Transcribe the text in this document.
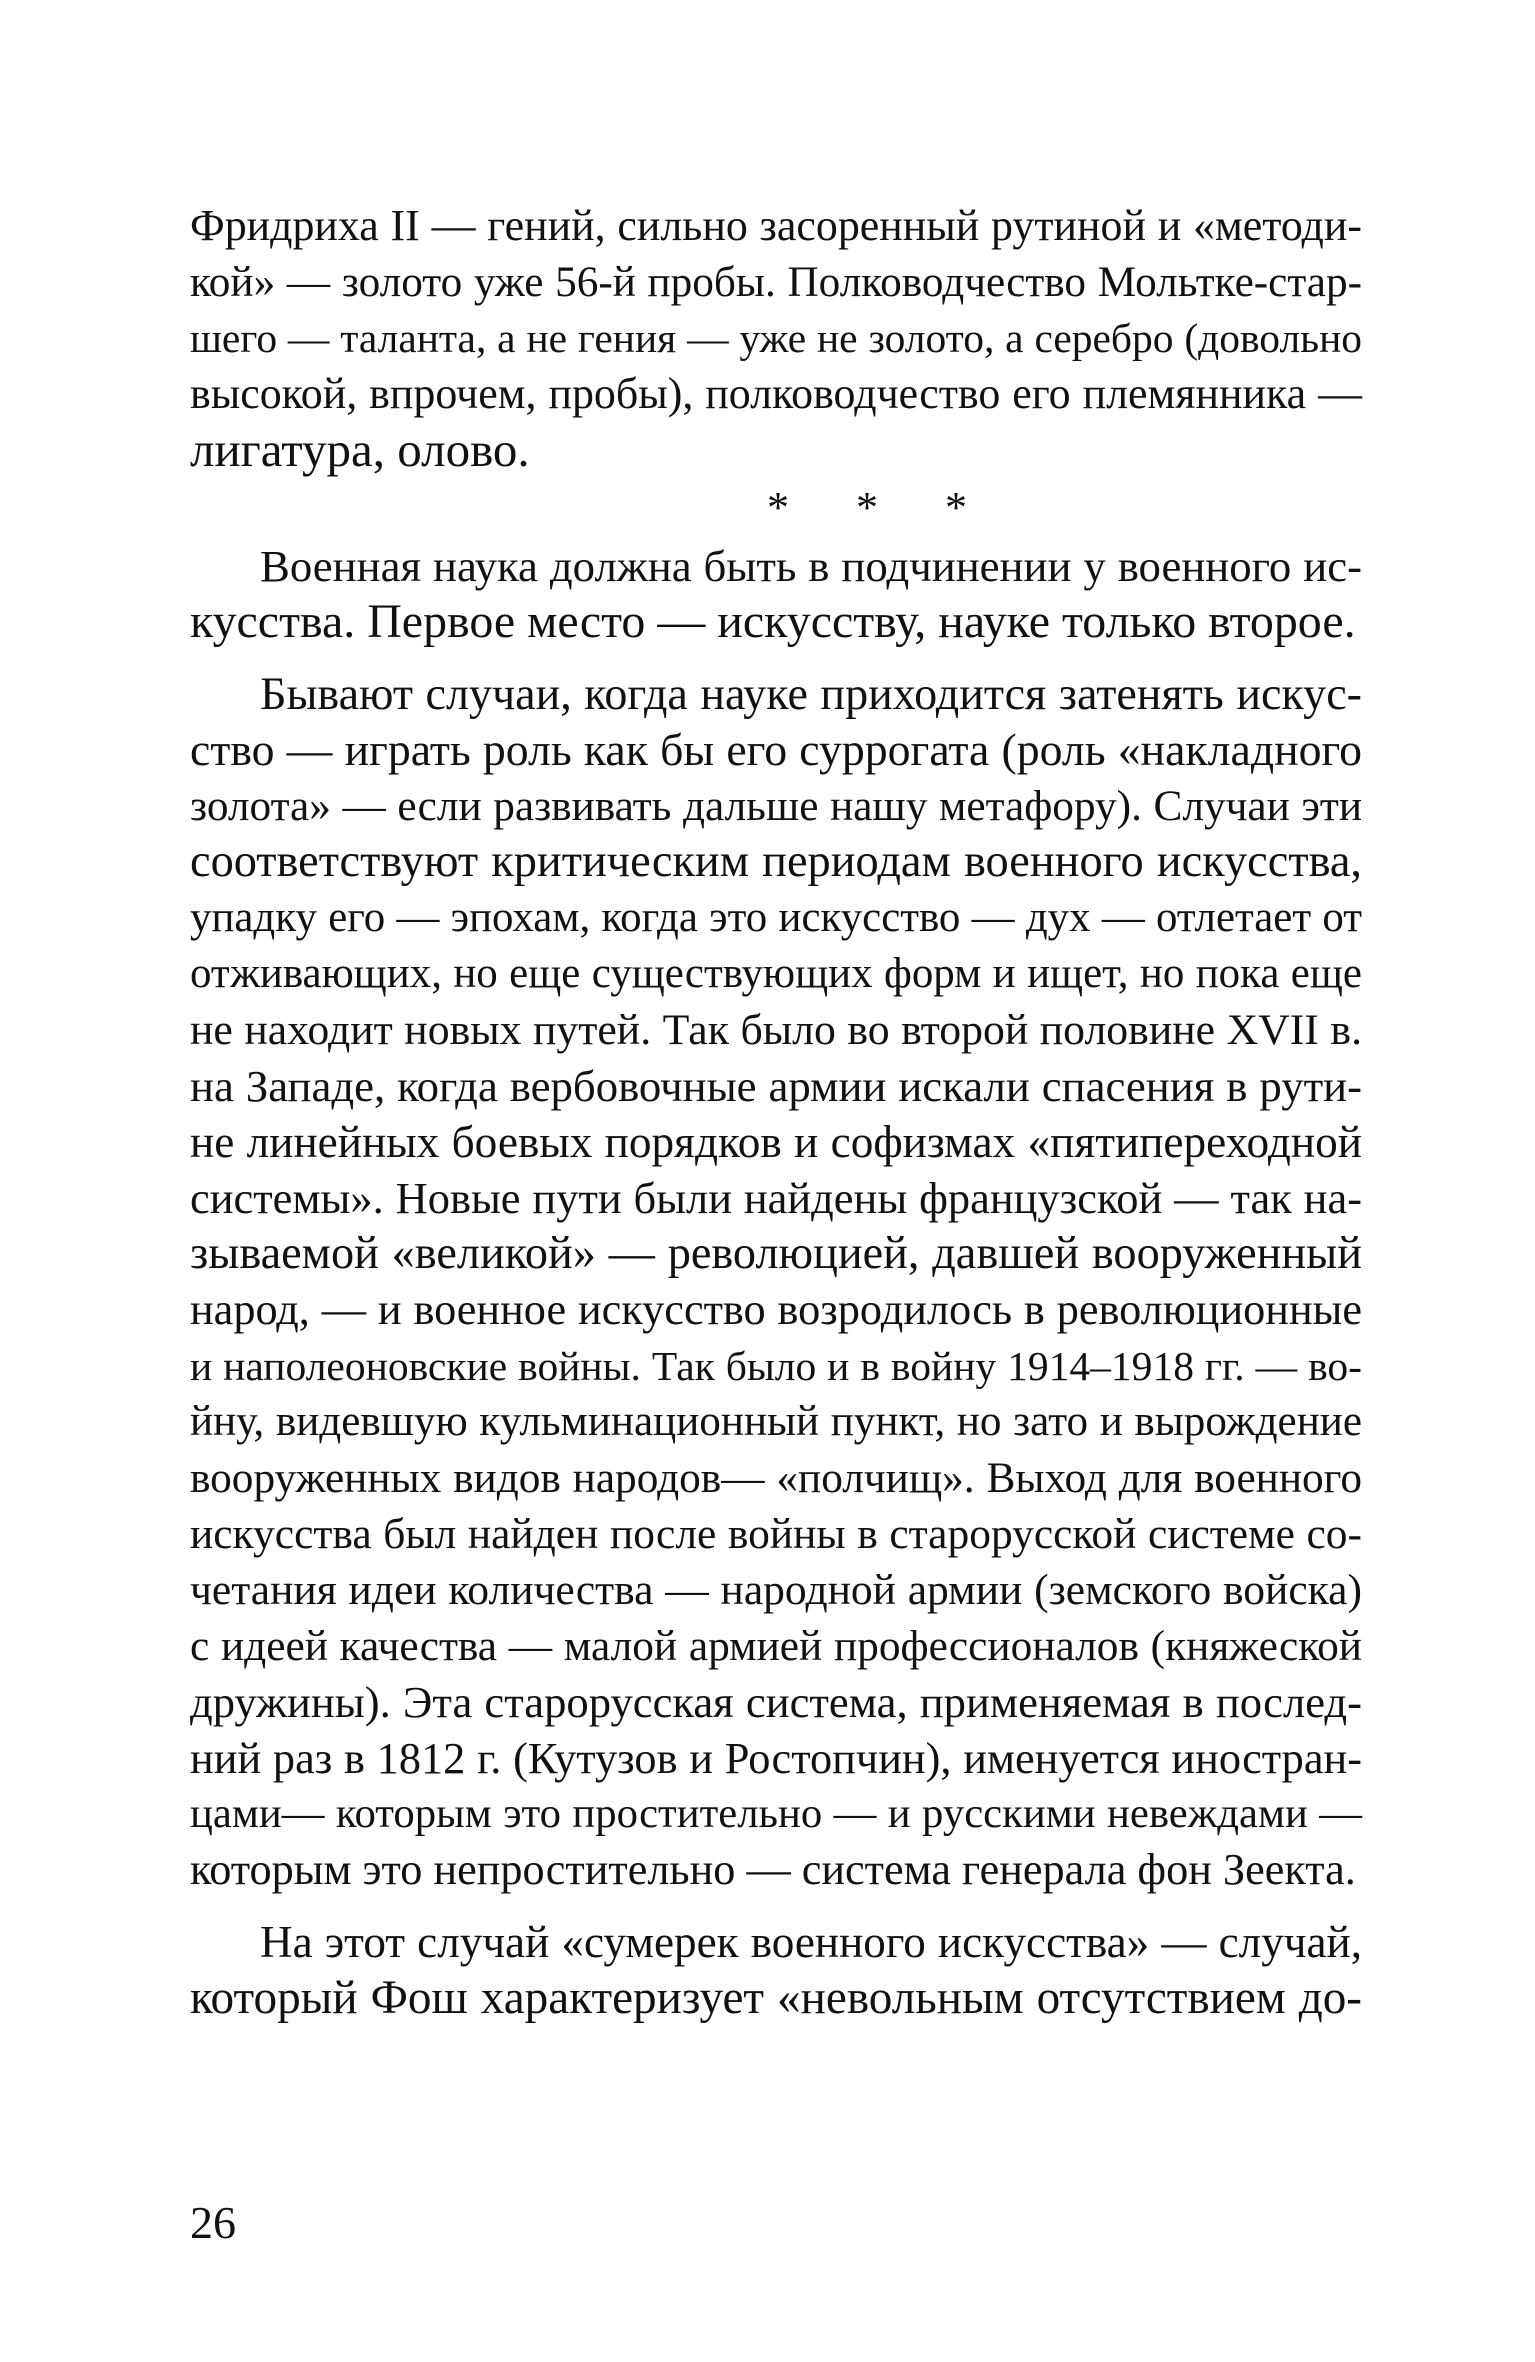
Фридриха II — гений, сильно засоренный рутиной и «методи-
кой» — золото уже 56-й пробы. Полководчество Мольтке-стар-
шего — таланта, а не гения — уже не золото, а серебро (довольно
высокой, впрочем, пробы), полководчество его племянника —
лигатура, олово.
* * *
Военная наука должна быть в подчинении у военного ис-
кусства. Первое место — искусству, науке только второе.
Бывают случаи, когда науке приходится затенять искус-
ство — играть роль как бы его суррогата (роль «накладного
золота» — если развивать дальше нашу метафору). Случаи эти
соответствуют критическим периодам военного искусства,
упадку его — эпохам, когда это искусство — дух — отлетает от
отживающих, но еще существующих форм и ищет, но пока еще
не находит новых путей. Так было во второй половине XVII в.
на Западе, когда вербовочные армии искали спасения в рути-
не линейных боевых порядков и софизмах «пятипереходной
системы». Новые пути были найдены французской — так на-
зываемой «великой» — революцией, давшей вооруженный
народ, — и военное искусство возродилось в революционные
и наполеоновские войны. Так было и в войну 1914–1918 гг. — во-
йну, видевшую кульминационный пункт, но зато и вырождение
вооруженных видов народов— «полчищ». Выход для военного
искусства был найден после войны в старорусской системе со-
четания идеи количества — народной армии (земского войска)
с идеей качества — малой армией профессионалов (княжеской
дружины). Эта старорусская система, применяемая в послед-
ний раз в 1812 г. (Кутузов и Ростопчин), именуется иностран-
цами— которым это простительно — и русскими невеждами —
которым это непростительно — система генерала фон Зеекта.
На этот случай «сумерек военного искусства» — случай,
который Фош характеризует «невольным отсутствием до-
26
